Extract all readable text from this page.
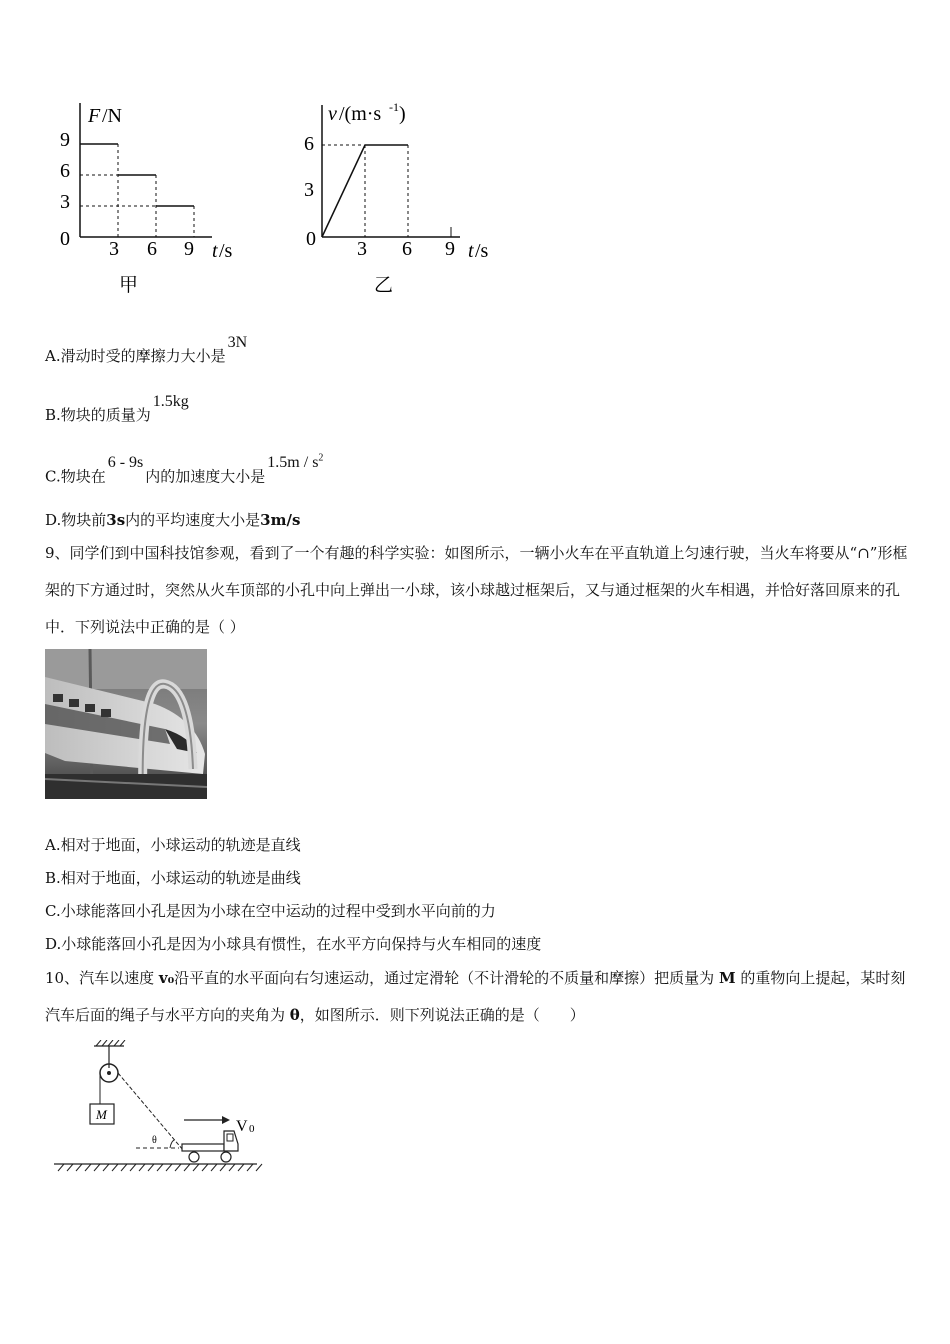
F /N
0
9
6
3
3 6 9 t /s
甲
v /(m·s -1 )
0
6
3
3 6 9 t /s
乙
A.滑动时受的摩擦力大小是3N
B.物块的质量为1.5kg
C.物块在6 - 9s内的加速度大小是$1.5m / s^2$
D.物块前3s内的平均速度大小是3m/s
9、同学们到中国科技馆参观，看到了一个有趣的科学实验：如图所示，一辆小火车在平直轨道上匀速行驶，当火车将要从“∩”形框架的下方通过时，突然从火车顶部的小孔中向上弹出一小球，该小球越过框架后，又与通过框架的火车相遇，并恰好落回原来的孔中．下列说法中正确的是（ ）
A.相对于地面，小球运动的轨迹是直线
B.相对于地面，小球运动的轨迹是曲线
C.小球能落回小孔是因为小球在空中运动的过程中受到水平向前的力
D.小球能落回小孔是因为小球具有惯性，在水平方向保持与火车相同的速度
10、汽车以速度 v₀沿平直的水平面向右匀速运动，通过定滑轮（不计滑轮的不质量和摩擦）把质量为 M 的重物向上提起，某时刻汽车后面的绳子与水平方向的夹角为 θ，如图所示．则下列说法正确的是（　　）
M
θ
V 0
